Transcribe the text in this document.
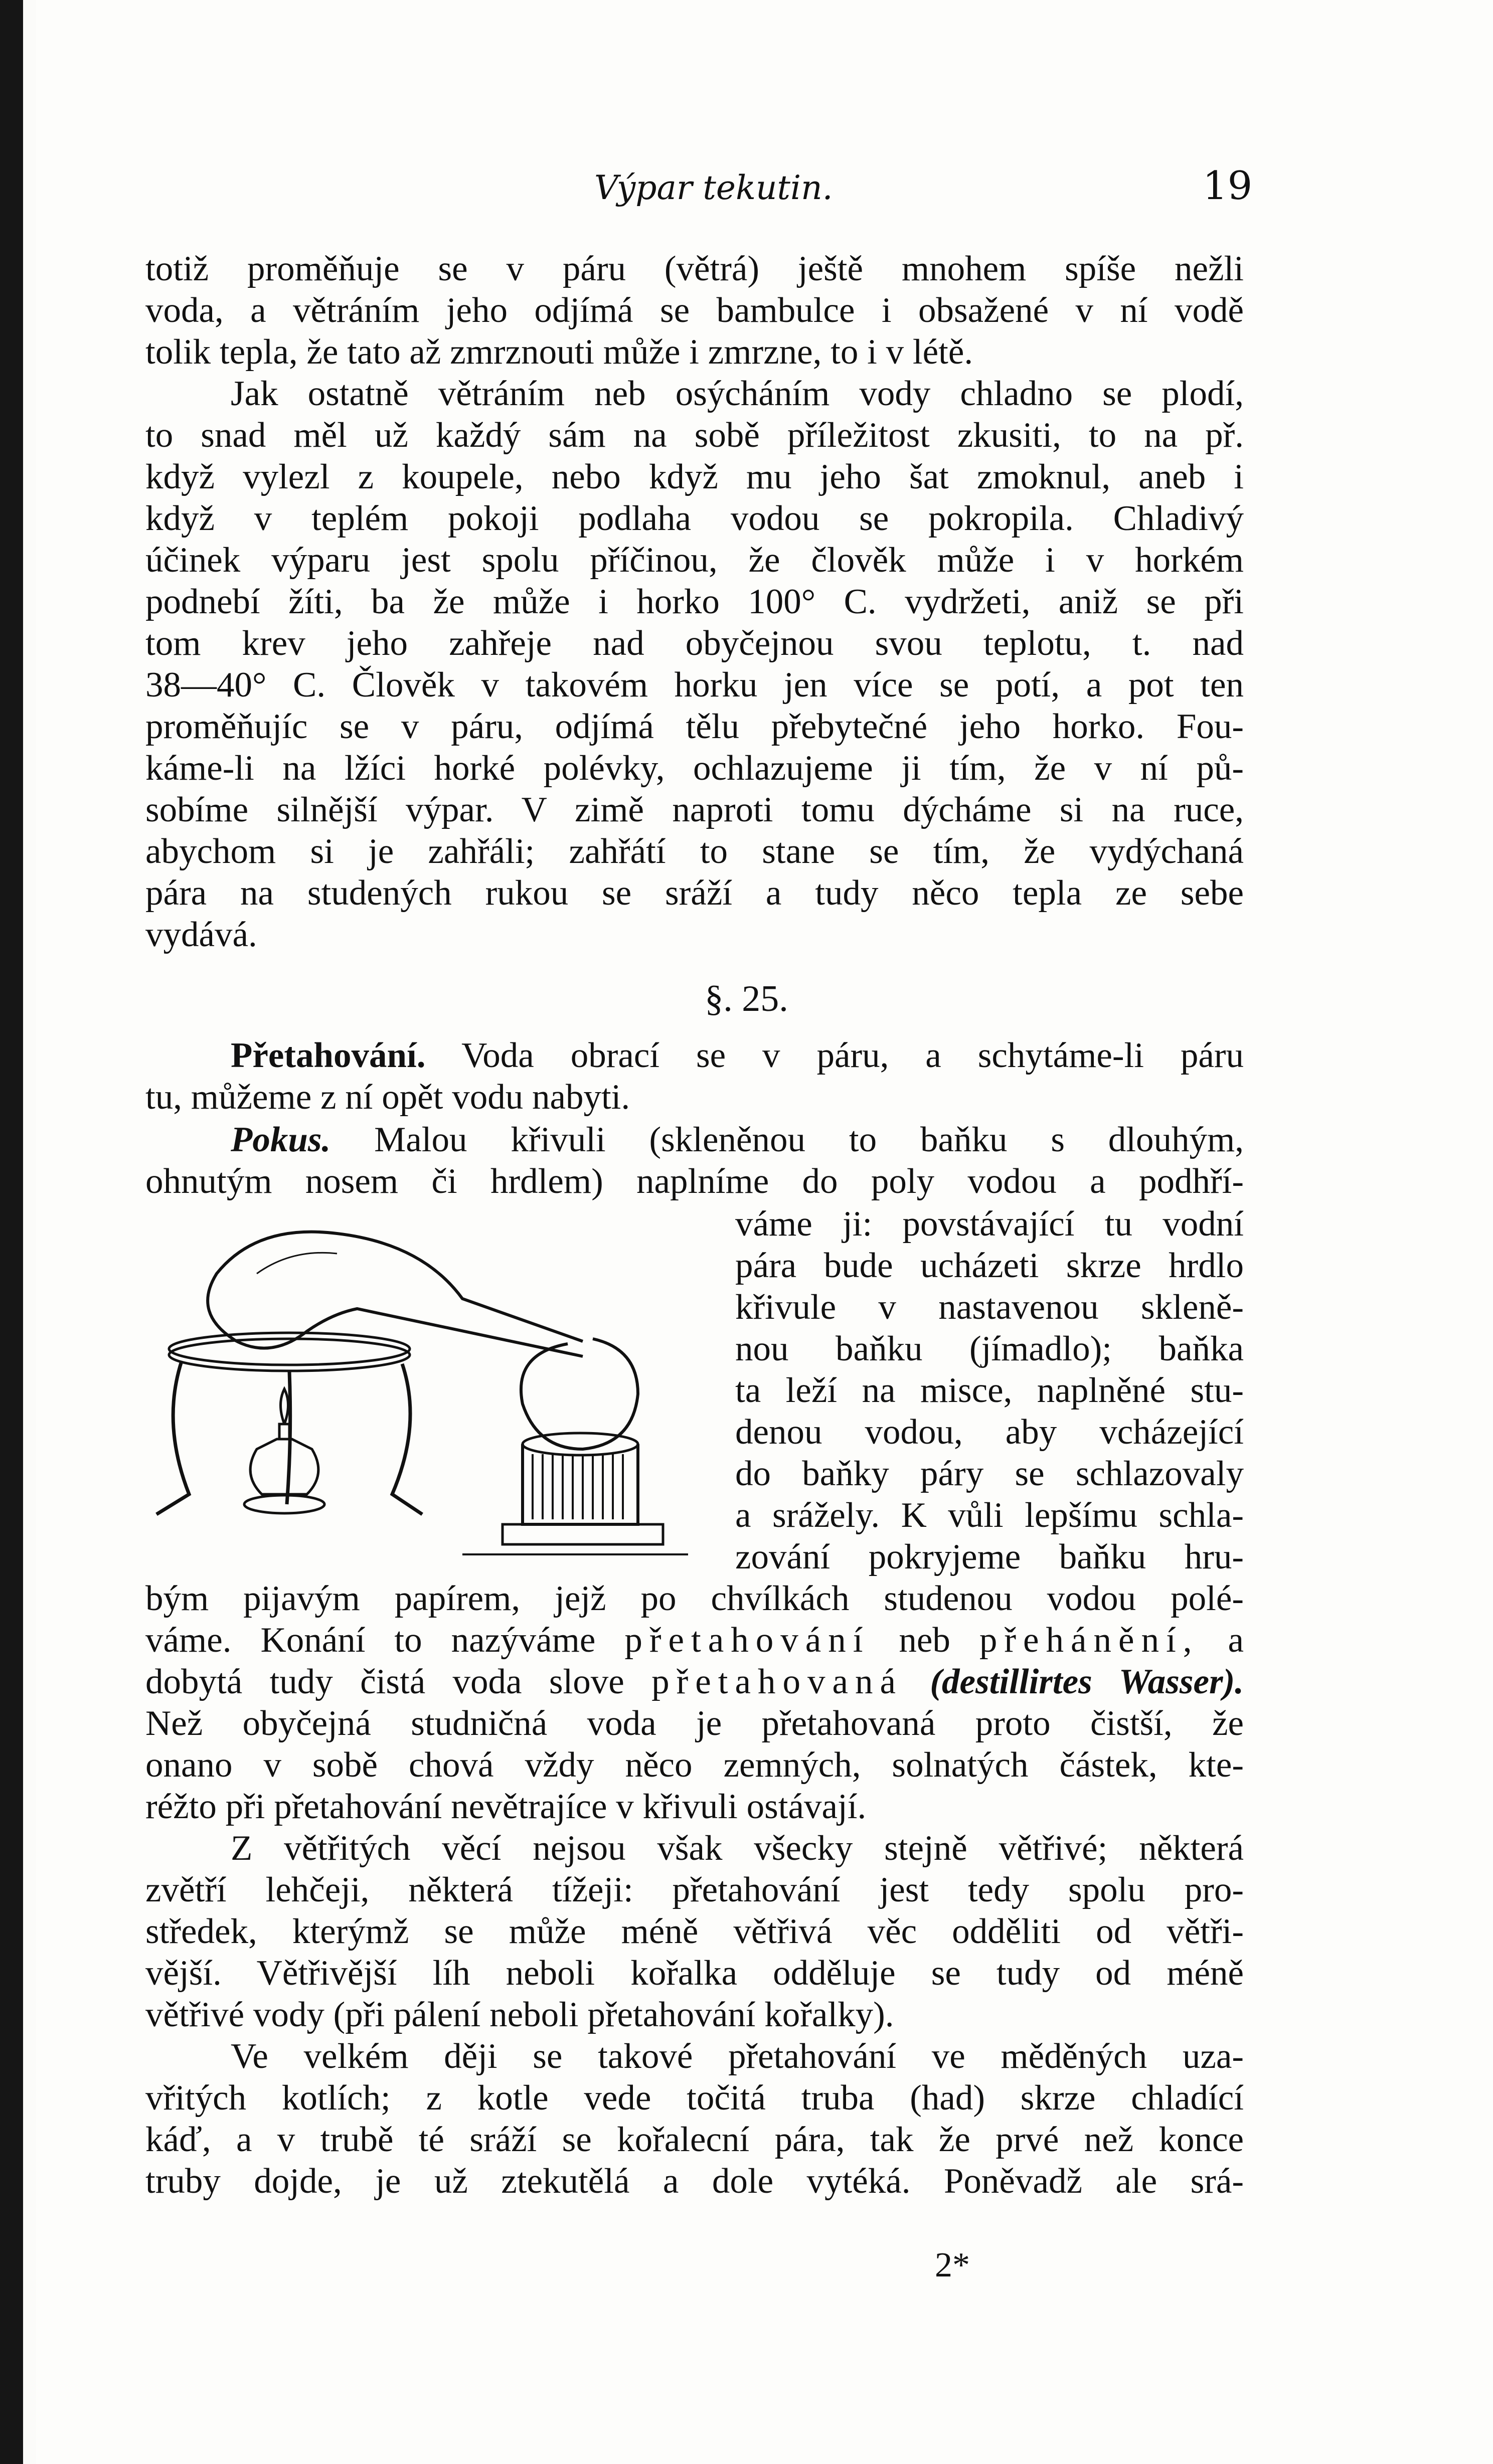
Výpar tekutin.	19
totiž proměňuje se v páru (větrá) ještě mnohem spíše nežli
voda, a větráním jeho odjímá se bambulce i obsažené v ní vodě
tolik tepla, že tato až zmrznouti může i zmrzne, to i v létě.
Jak ostatně větráním neb osýcháním vody chladno se plodí,
to snad měl už každý sám na sobě příležitost zkusiti, to na př.
když vylezl z koupele, nebo když mu jeho šat zmoknul, aneb i
když v teplém pokoji podlaha vodou se pokropila. Chladivý
účinek výparu jest spolu příčinou, že člověk může i v horkém
podnebí žíti, ba že může i horko 100° C. vydržeti, aniž se při
tom krev jeho zahřeje nad obyčejnou svou teplotu, t. nad
38—40° C. Člověk v takovém horku jen více se potí, a pot ten
proměňujíc se v páru, odjímá tělu přebytečné jeho horko. Fou-
káme-li na lžíci horké polévky, ochlazujeme ji tím, že v ní pů-
sobíme silnější výpar. V zimě naproti tomu dýcháme si na ruce,
abychom si je zahřáli; zahřátí to stane se tím, že vydýchaná
pára na studených rukou se sráží a tudy něco tepla ze sebe
vydává.
§. 25.
Přetahování. Voda obrací se v páru, a schytáme-li páru
tu, můžeme z ní opět vodu nabyti.
Pokus. Malou křivuli (skleněnou to baňku s dlouhým,
ohnutým nosem či hrdlem) naplníme do poly vodou a podhří-
váme ji: povstávající tu vodní
pára bude ucházeti skrze hrdlo
křivule v nastavenou skleně-
nou baňku (jímadlo); baňka
ta leží na misce, naplněné stu-
denou vodou, aby vcházející
do baňky páry se schlazovaly
a srážely. K vůli lepšímu schla-
zování pokryjeme baňku hru-
bým pijavým papírem, jejž po chvílkách studenou vodou polé-
váme. Konání to nazýváme přetahování neb přehánění, a
dobytá tudy čistá voda slove přetahovaná (destillirtes Wasser).
Než obyčejná studničná voda je přetahovaná proto čistší, že
onano v sobě chová vždy něco zemných, solnatých částek, kte-
réžto při přetahování nevětrajíce v křivuli ostávají.
Z větřitých věcí nejsou však všecky stejně větřivé; některá
zvětří lehčeji, některá tížeji: přetahování jest tedy spolu pro-
středek, kterýmž se může méně větřivá věc odděliti od větři-
vější. Větřivější líh neboli kořalka odděluje se tudy od méně
větřivé vody (při pálení neboli přetahování kořalky).
Ve velkém ději se takové přetahování ve měděných uza-
vřitých kotlích; z kotle vede točitá truba (had) skrze chladící
káď, a v trubě té sráží se kořalecní pára, tak že prvé než konce
truby dojde, je už ztekutělá a dole vytéká. Poněvadž ale srá-
2*
